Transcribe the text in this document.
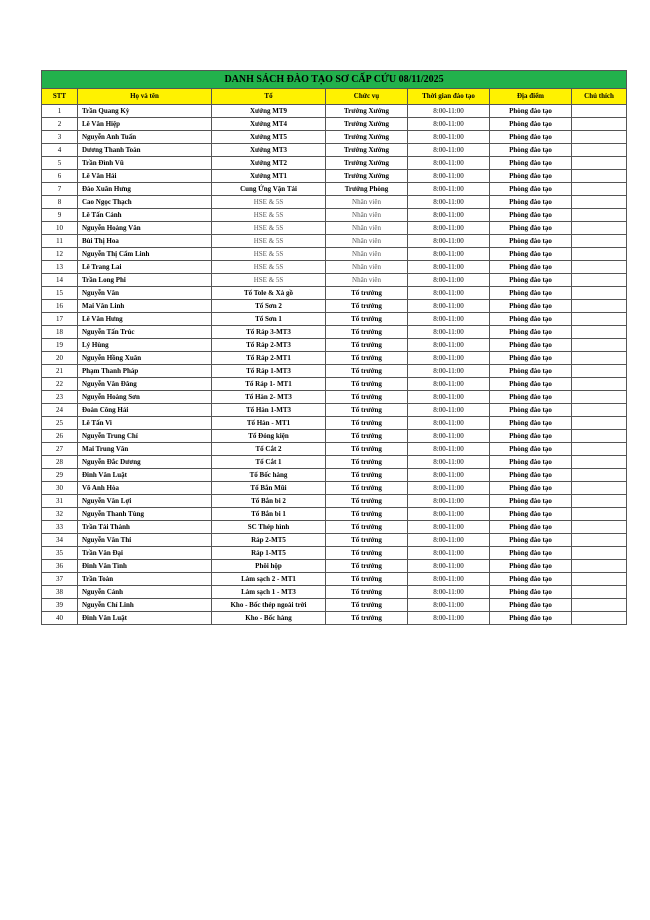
DANH SÁCH ĐÀO TẠO SƠ CẤP CỨU 08/11/2025						
STT	Họ và tên	Tổ	Chức vụ	Thời gian đào tạo	Địa điểm	Chú thích
1	Trần Quang Kỳ	Xưởng MT9	Trưởng Xưởng	8:00-11:00	Phòng đào tạo	
2	Lê Văn Hiệp	Xưởng MT4	Trưởng Xưởng	8:00-11:00	Phòng đào tạo	
3	Nguyễn Anh Tuấn	Xưởng MT5	Trưởng Xưởng	8:00-11:00	Phòng đào tạo	
4	Dương Thanh Toàn	Xưởng MT3	Trưởng Xưởng	8:00-11:00	Phòng đào tạo	
5	Trần Đình Vũ	Xưởng MT2	Trưởng Xưởng	8:00-11:00	Phòng đào tạo	
6	Lê Văn Hải	Xưởng MT1	Trưởng Xưởng	8:00-11:00	Phòng đào tạo	
7	Đào Xuân Hưng	Cung Ứng Vận Tải	Trưởng Phòng	8:00-11:00	Phòng đào tạo	
8	Cao Ngọc Thạch	HSE & 5S	Nhân viên	8:00-11:00	Phòng đào tạo	
9	Lê Tấn Cảnh	HSE & 5S	Nhân viên	8:00-11:00	Phòng đào tạo	
10	Nguyễn Hoàng Văn	HSE & 5S	Nhân viên	8:00-11:00	Phòng đào tạo	
11	Bùi Thị Hoa	HSE & 5S	Nhân viên	8:00-11:00	Phòng đào tạo	
12	Nguyễn Thị Cẩm Linh	HSE & 5S	Nhân viên	8:00-11:00	Phòng đào tạo	
13	Lê Trang Lai	HSE & 5S	Nhân viên	8:00-11:00	Phòng đào tạo	
14	Trần Long Phi	HSE & 5S	Nhân viên	8:00-11:00	Phòng đào tạo	
15	Nguyễn Văn	Tổ Tole & Xà gồ	Tổ trưởng	8:00-11:00	Phòng đào tạo	
16	Mai Văn Linh	Tổ Sơn 2	Tổ trưởng	8:00-11:00	Phòng đào tạo	
17	Lê Văn Hưng	Tổ Sơn 1	Tổ trưởng	8:00-11:00	Phòng đào tạo	
18	Nguyễn Tấn Trúc	Tổ Ráp 3-MT3	Tổ trưởng	8:00-11:00	Phòng đào tạo	
19	Lý Hùng	Tổ Ráp 2-MT3	Tổ trưởng	8:00-11:00	Phòng đào tạo	
20	Nguyễn Hồng Xuân	Tổ Ráp 2-MT1	Tổ trưởng	8:00-11:00	Phòng đào tạo	
21	Phạm Thanh Pháp	Tổ Ráp 1-MT3	Tổ trưởng	8:00-11:00	Phòng đào tạo	
22	Nguyễn Văn Đăng	Tổ Ráp 1- MT1	Tổ trưởng	8:00-11:00	Phòng đào tạo	
23	Nguyễn Hoàng Sơn	Tổ Hàn 2- MT3	Tổ trưởng	8:00-11:00	Phòng đào tạo	
24	Đoàn Công Hải	Tổ Hàn 1-MT3	Tổ trưởng	8:00-11:00	Phòng đào tạo	
25	Lê Tấn Vi	Tổ Hàn - MT1	Tổ trưởng	8:00-11:00	Phòng đào tạo	
26	Nguyễn Trung Chí	Tổ Đóng kiện	Tổ trưởng	8:00-11:00	Phòng đào tạo	
27	Mai Trung Văn	Tổ Cắt 2	Tổ trưởng	8:00-11:00	Phòng đào tạo	
28	Nguyễn Đắc Dương	Tổ Cắt 1	Tổ trưởng	8:00-11:00	Phòng đào tạo	
29	Đinh Văn Luật	Tổ Bốc hàng	Tổ trưởng	8:00-11:00	Phòng đào tạo	
30	Võ Anh Hòa	Tổ Bắn Mũi	Tổ trưởng	8:00-11:00	Phòng đào tạo	
31	Nguyễn Văn Lợi	Tổ Bắn bi 2	Tổ trưởng	8:00-11:00	Phòng đào tạo	
32	Nguyễn Thanh Tùng	Tổ Bắn bi 1	Tổ trưởng	8:00-11:00	Phòng đào tạo	
33	Trần Tài Thành	SC Thép hình	Tổ trưởng	8:00-11:00	Phòng đào tạo	
34	Nguyễn Văn Thi	Ráp 2-MT5	Tổ trưởng	8:00-11:00	Phòng đào tạo	
35	Trần Văn Đại	Ráp 1-MT5	Tổ trưởng	8:00-11:00	Phòng đào tạo	
36	Đinh Văn Tình	Phôi hộp	Tổ trưởng	8:00-11:00	Phòng đào tạo	
37	Trần Toàn	Làm sạch 2 - MT1	Tổ trưởng	8:00-11:00	Phòng đào tạo	
38	Nguyễn Cảnh	Làm sạch 1 - MT3	Tổ trưởng	8:00-11:00	Phòng đào tạo	
39	Nguyễn Chí Linh	Kho - Bốc thép ngoài trời	Tổ trưởng	8:00-11:00	Phòng đào tạo	
40	Đinh Văn Luật	Kho - Bốc hàng	Tổ trưởng	8:00-11:00	Phòng đào tạo	
